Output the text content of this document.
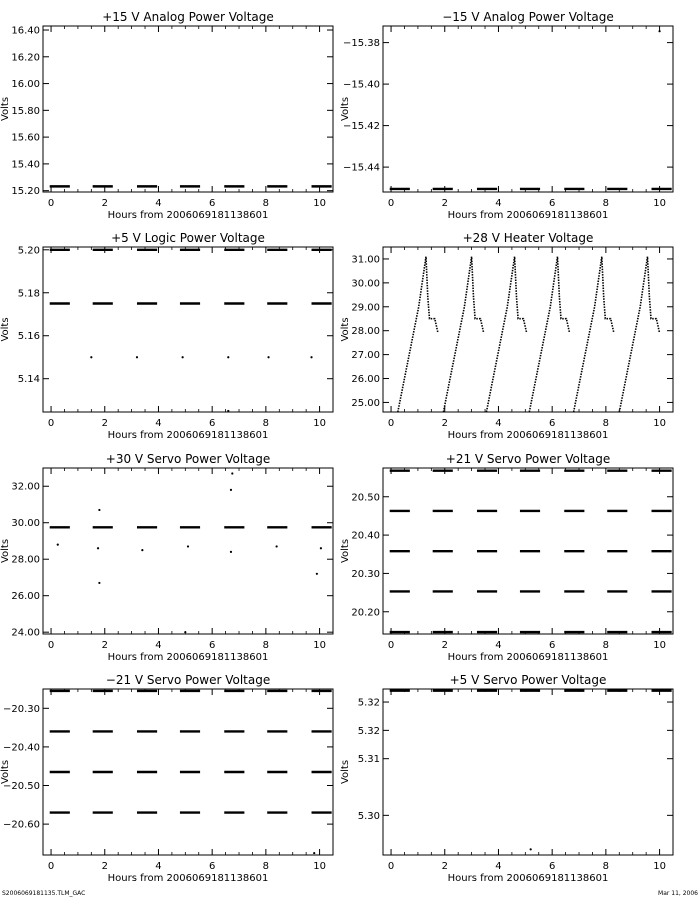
+15 V Analog Power Voltage
0	2	4	6	8	10
15.20
15.40
15.60
15.80
16.00
16.20
16.40
Hours from 2006069181138601
Volts
−15 V Analog Power Voltage
0	2	4	6	8	10
−15.44
−15.42
−15.40
−15.38
Hours from 2006069181138601
Volts
+5 V Logic Power Voltage
0	2	4	6	8	10
5.14
5.16
5.18
5.20
Hours from 2006069181138601
Volts
+28 V Heater Voltage
0	2	4	6	8	10
25.00
26.00
27.00
28.00
29.00
30.00
31.00
Hours from 2006069181138601
Volts
+30 V Servo Power Voltage
0	2	4	6	8	10
24.00
26.00
28.00
30.00
32.00
Hours from 2006069181138601
Volts
+21 V Servo Power Voltage
0	2	4	6	8	10
20.20
20.30
20.40
20.50
Hours from 2006069181138601
Volts
−21 V Servo Power Voltage
0	2	4	6	8	10
−20.60
−20.50
−20.40
−20.30
Hours from 2006069181138601
Volts
+5 V Servo Power Voltage
0	2	4	6	8	10
5.30
5.31
5.32
5.32
Hours from 2006069181138601
Volts
S2006069181135.TLM_GAC	Mar 11, 2006
